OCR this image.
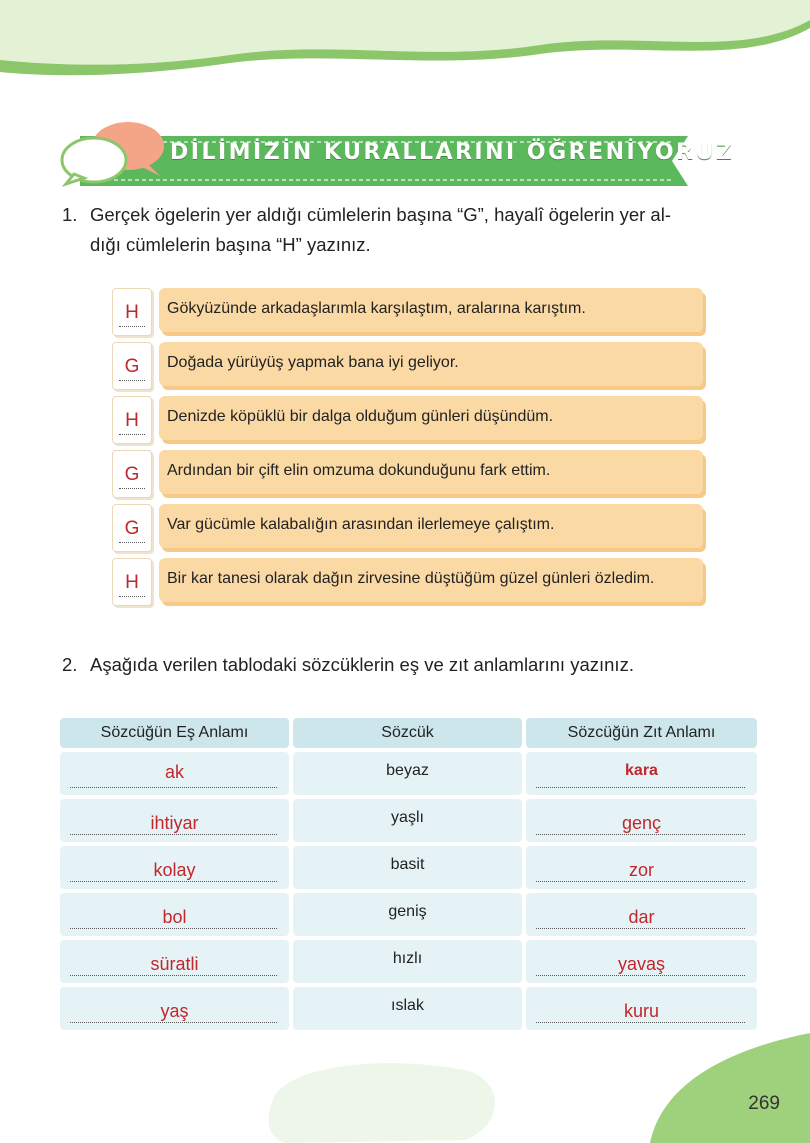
DİLİMİZİN KURALLARINI ÖĞRENİYORUZ
1. Gerçek ögelerin yer aldığı cümlelerin başına “G”, hayalî ögelerin yer al-
dığı cümlelerin başına “H” yazınız.
H	Gökyüzünde arkadaşlarımla karşılaştım, aralarına karıştım.
G	Doğada yürüyüş yapmak bana iyi geliyor.
H	Denizde köpüklü bir dalga olduğum günleri düşündüm.
G	Ardından bir çift elin omzuma dokunduğunu fark ettim.
G	Var gücümle kalabalığın arasından ilerlemeye çalıştım.
H	Bir kar tanesi olarak dağın zirvesine düştüğüm güzel günleri özledim.
2. Aşağıda verilen tablodaki sözcüklerin eş ve zıt anlamlarını yazınız.
Sözcüğün Eş Anlamı	Sözcük	Sözcüğün Zıt Anlamı
ak	beyaz	kara
ihtiyar	yaşlı	genç
kolay	basit	zor
bol	geniş	dar
süratli	hızlı	yavaş
yaş	ıslak	kuru
269
